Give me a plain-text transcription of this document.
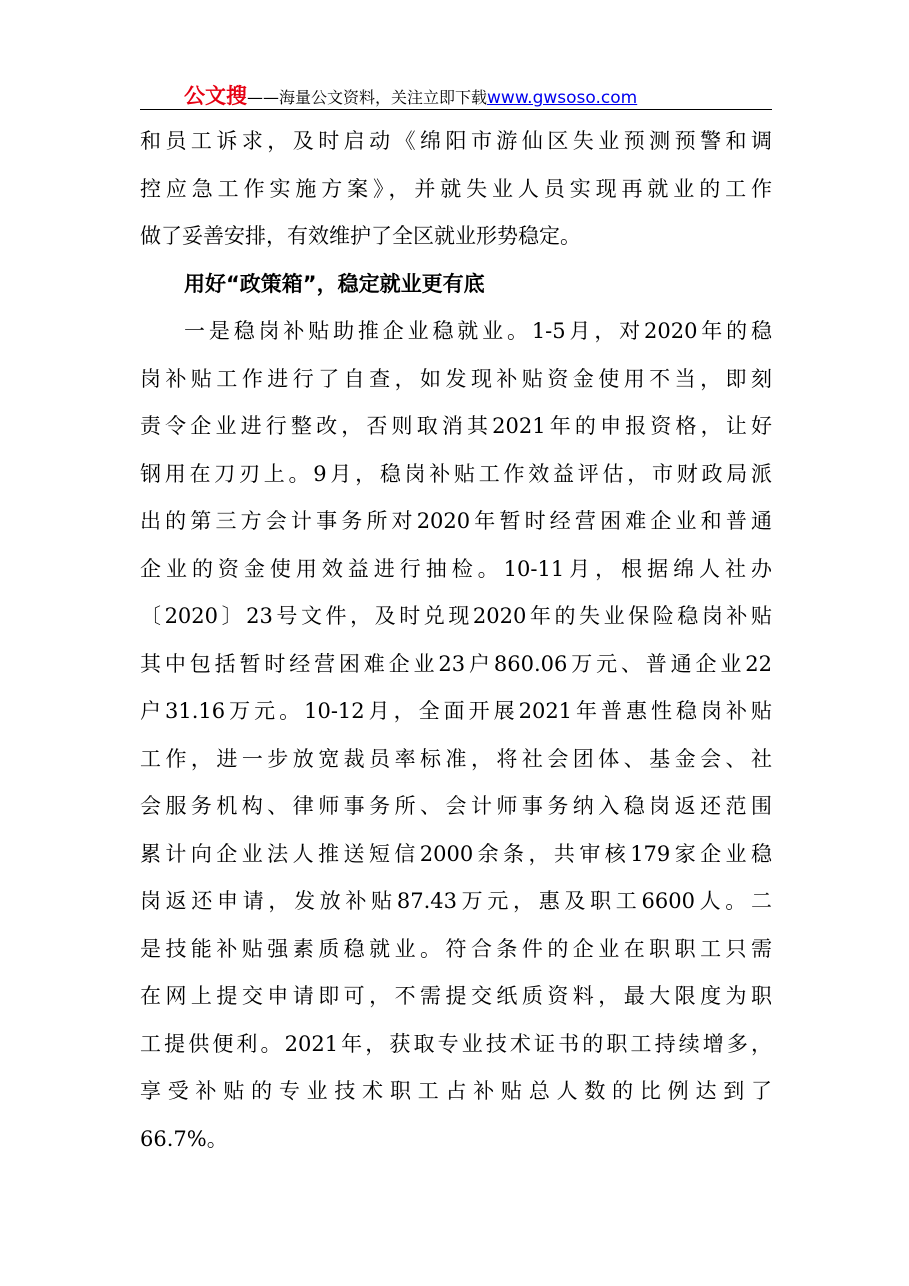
公文搜——海量公文资料，关注立即下载www.gwsoso.com
和员工诉求，及时启动《绵阳市游仙区失业预测预警和调
控应急工作实施方案》，并就失业人员实现再就业的工作
做了妥善安排，有效维护了全区就业形势稳定。
用好“政策箱”，稳定就业更有底
一是稳岗补贴助推企业稳就业。1-5月，对2020年的稳
岗补贴工作进行了自查，如发现补贴资金使用不当，即刻
责令企业进行整改，否则取消其2021年的申报资格，让好
钢用在刀刃上。9月，稳岗补贴工作效益评估，市财政局派
出的第三方会计事务所对2020年暂时经营困难企业和普通
企业的资金使用效益进行抽检。10-11月，根据绵人社办
〔2020〕23号文件，及时兑现2020年的失业保险稳岗补贴
其中包括暂时经营困难企业23户860.06万元、普通企业22
户31.16万元。10-12月，全面开展2021年普惠性稳岗补贴
工作，进一步放宽裁员率标准，将社会团体、基金会、社
会服务机构、律师事务所、会计师事务纳入稳岗返还范围
累计向企业法人推送短信2000余条，共审核179家企业稳
岗返还申请，发放补贴87.43万元，惠及职工6600人。二
是技能补贴强素质稳就业。符合条件的企业在职职工只需
在网上提交申请即可，不需提交纸质资料，最大限度为职
工提供便利。2021年，获取专业技术证书的职工持续增多，
享受补贴的专业技术职工占补贴总人数的比例达到了
66.7%。
